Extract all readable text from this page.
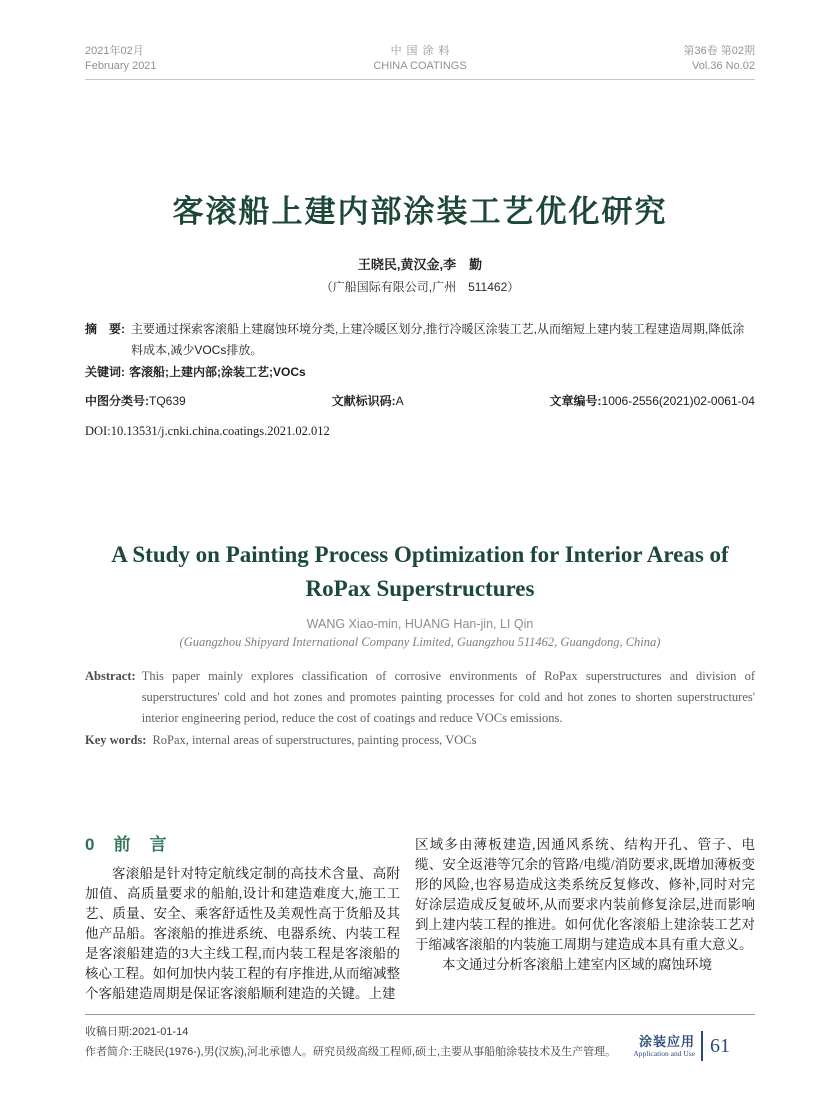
2021年02月
February 2021
中国涂料
CHINA COATINGS
第36卷 第02期
Vol.36 No.02
客滚船上建内部涂装工艺优化研究
王晓民,黄汉金,李　勤
（广船国际有限公司,广州　511462）
摘　要: 主要通过探索客滚船上建腐蚀环境分类,上建冷暖区划分,推行冷暖区涂装工艺,从而缩短上建内装工程建造周期,降低涂料成本,减少VOCs排放。
关键词: 客滚船;上建内部;涂装工艺;VOCs
中图分类号:TQ639	文献标识码:A	文章编号:1006-2556(2021)02-0061-04
DOI:10.13531/j.cnki.china.coatings.2021.02.012
A Study on Painting Process Optimization for Interior Areas of RoPax Superstructures
WANG Xiao-min, HUANG Han-jin, LI Qin
(Guangzhou Shipyard International Company Limited, Guangzhou 511462, Guangdong, China)
Abstract: This paper mainly explores classification of corrosive environments of RoPax superstructures and division of superstructures' cold and hot zones and promotes painting processes for cold and hot zones to shorten superstructures' interior engineering period, reduce the cost of coatings and reduce VOCs emissions.
Key words: RoPax, internal areas of superstructures, painting process, VOCs
0　前　言

客滚船是针对特定航线定制的高技术含量、高附加值、高质量要求的船舶,设计和建造难度大,施工工艺、质量、安全、乘客舒适性及美观性高于货船及其他产品船。客滚船的推进系统、电器系统、内装工程是客滚船建造的3大主线工程,而内装工程是客滚船的核心工程。如何加快内装工程的有序推进,从而缩减整个客船建造周期是保证客滚船顺利建造的关键。上建

区域多由薄板建造,因通风系统、结构开孔、管子、电缆、安全返港等冗余的管路/电缆/消防要求,既增加薄板变形的风险,也容易造成这类系统反复修改、修补,同时对完好涂层造成反复破坏,从而要求内装前修复涂层,进而影响到上建内装工程的推进。如何优化客滚船上建涂装工艺对于缩减客滚船的内装施工周期与建造成本具有重大意义。

本文通过分析客滚船上建室内区域的腐蚀环境

收稿日期:2021-01-14
作者简介:王晓民(1976-),男(汉族),河北承德人。研究员级高级工程师,硕士,主要从事船舶涂装技术及生产管理。
涂装应用
Application and Use 61
